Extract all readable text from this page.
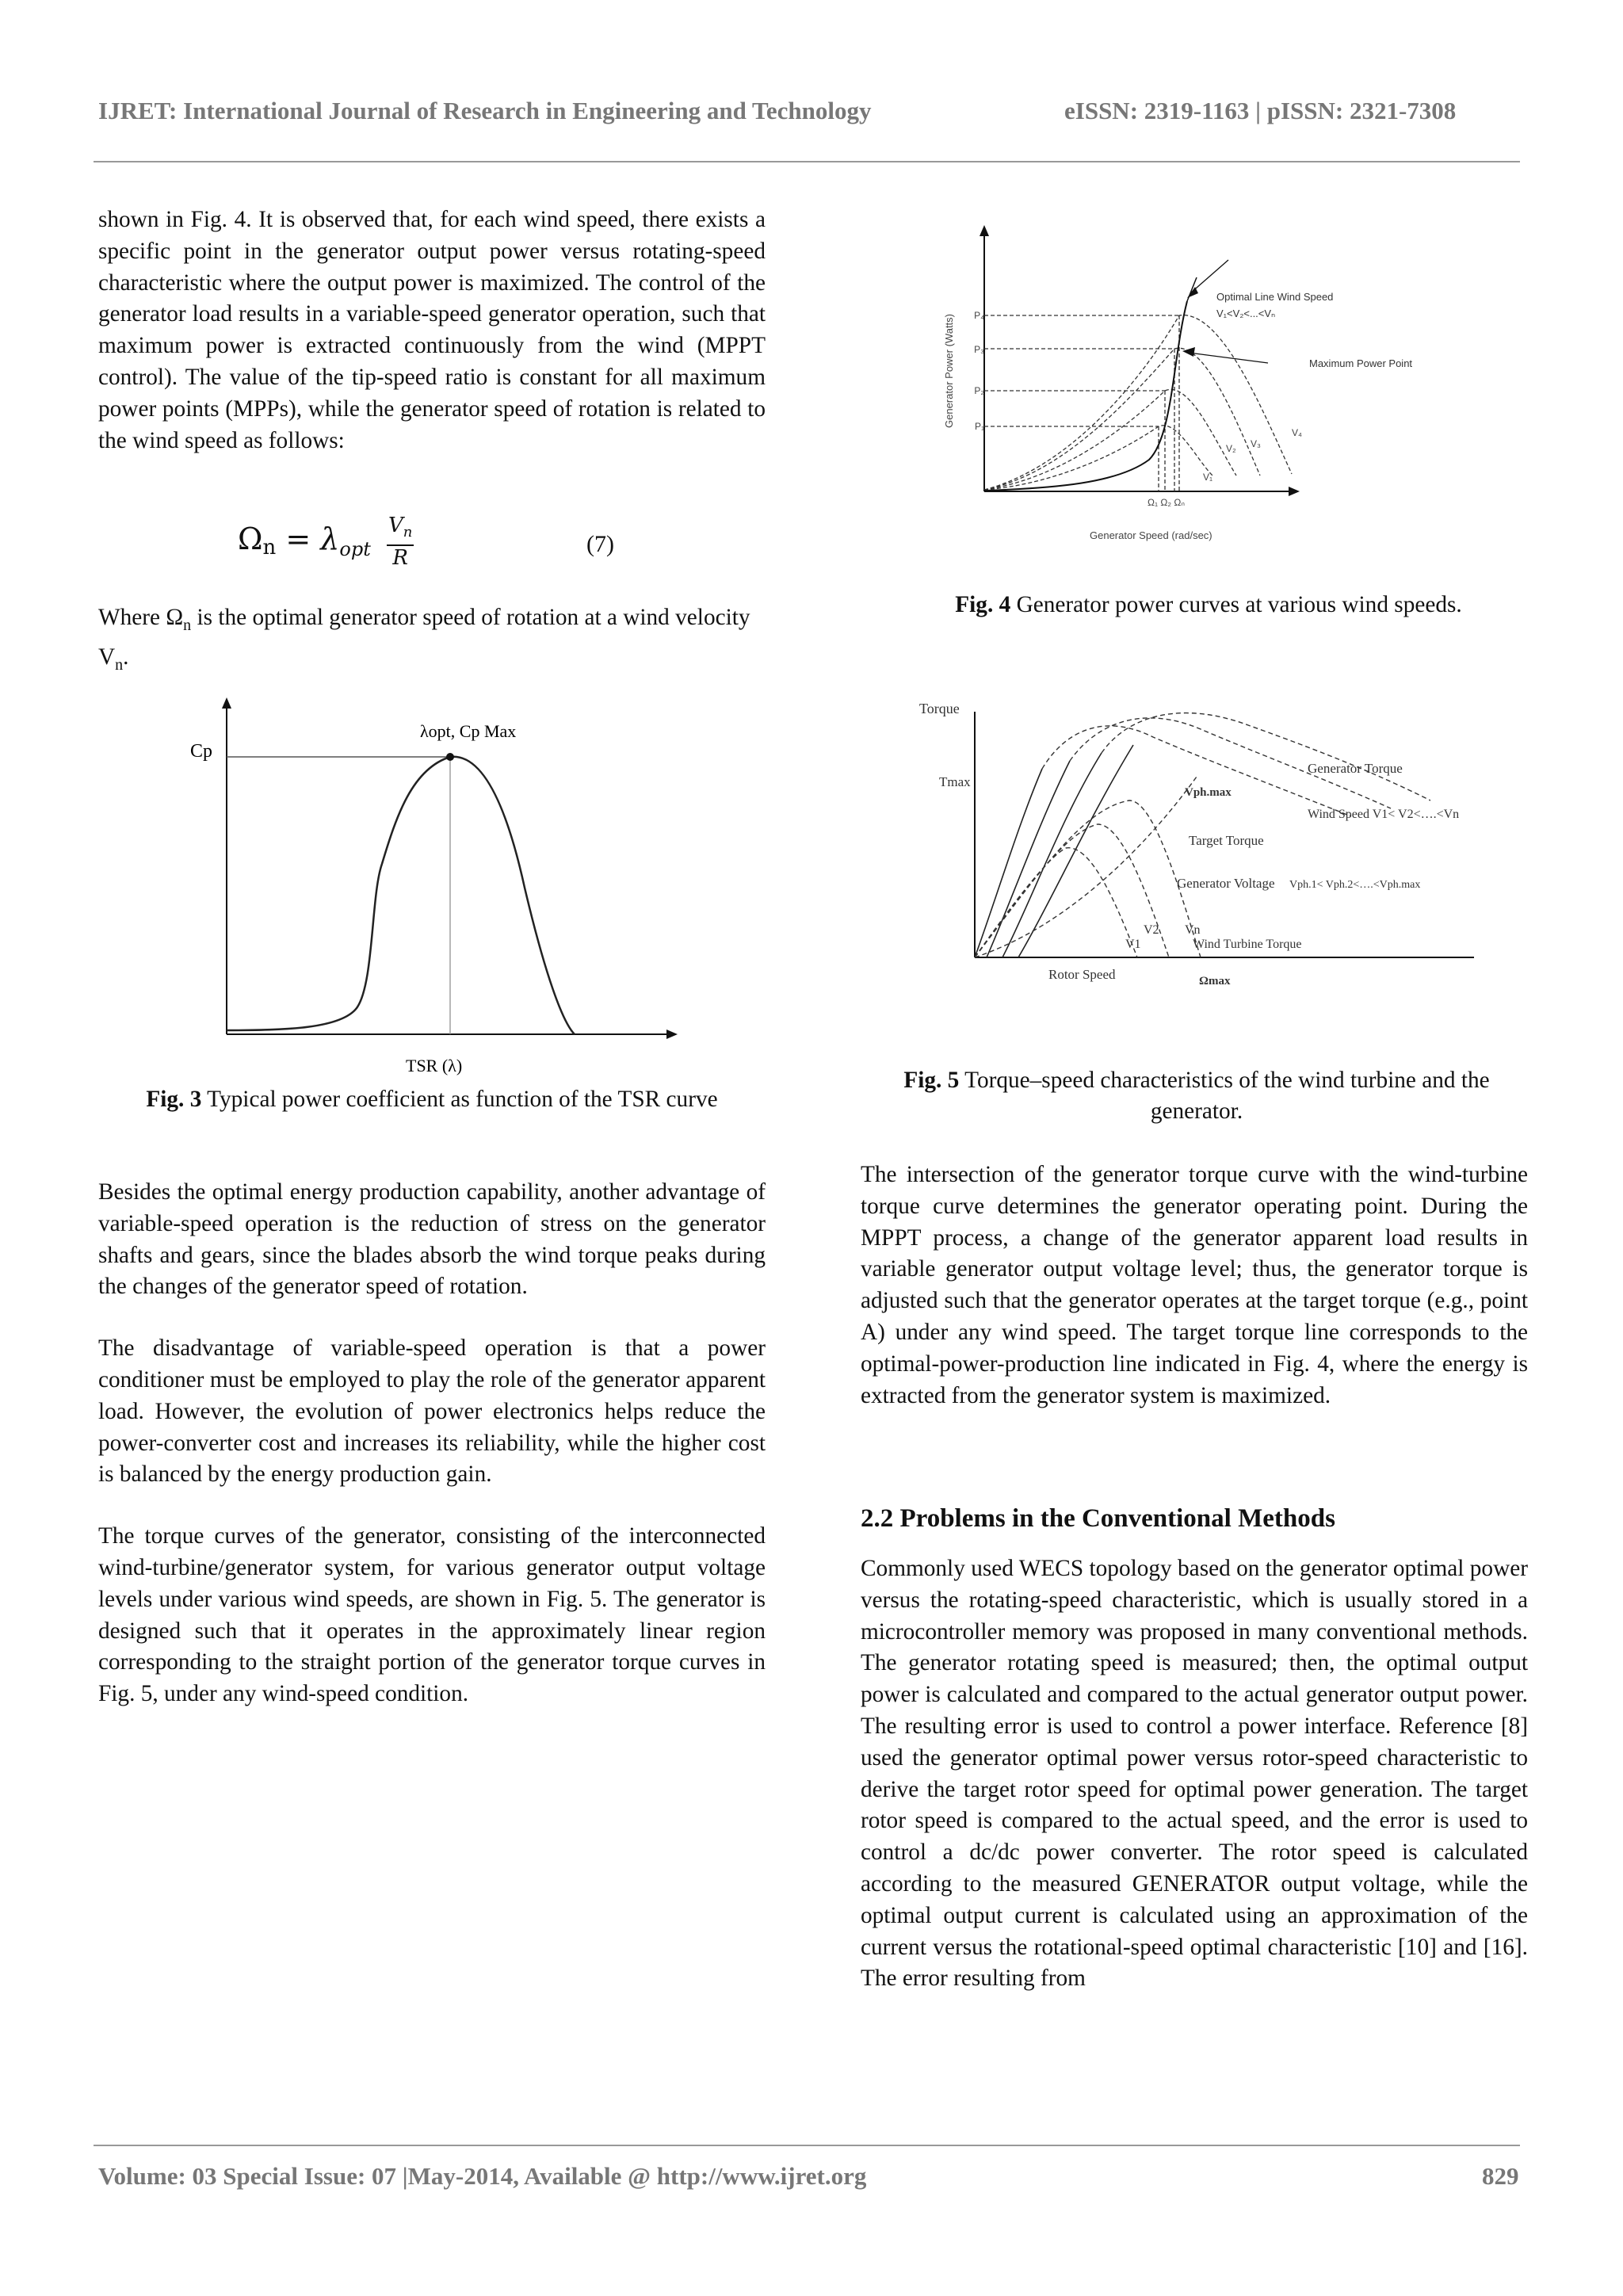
IJRET: International Journal of Research in Engineering and Technology	eISSN: 2319-1163 | pISSN: 2321-7308

shown in Fig. 4. It is observed that, for each wind speed, there exists a specific point in the generator output power versus rotating-speed characteristic where the output power is maximized. The control of the generator load results in a variable-speed generator operation, such that maximum power is extracted continuously from the wind (MPPT control). The value of the tip-speed ratio is constant for all maximum power points (MPPs), while the generator speed of rotation is related to the wind speed as follows:

$\Omega n = \lambda_{opt} \frac{V_n}{R}$	(7)

Where $\Omega_n$ is the optimal generator speed of rotation at a wind velocity $V_n$.

Cp
λopt, Cp Max
TSR (λ)
Fig. 3 Typical power coefficient as function of the TSR curve

Besides the optimal energy production capability, another advantage of variable-speed operation is the reduction of stress on the generator shafts and gears, since the blades absorb the wind torque peaks during the changes of the generator speed of rotation.

The disadvantage of variable-speed operation is that a power conditioner must be employed to play the role of the generator apparent load. However, the evolution of power electronics helps reduce the power-converter cost and increases its reliability, while the higher cost is balanced by the energy production gain.

The torque curves of the generator, consisting of the interconnected wind-turbine/generator system, for various generator output voltage levels under various wind speeds, are shown in Fig. 5. The generator is designed such that it operates in the approximately linear region corresponding to the straight portion of the generator torque curves in Fig. 5, under any wind-speed condition.

Generator Power (Watts) P₄
P₃
P₂
P₁
Optimal Line Wind Speed
V₁<V₂<...<Vₙ
Maximum Power Point
V₁
V₂ V₃
V₄
Ω₁ Ω₂ Ωₙ
Generator Speed (rad/sec)
Fig. 4 Generator power curves at various wind speeds.
Torque
Tmax
Generator Torque
Vph.max
Wind Speed V1< V2<….<Vn
Target Torque
Generator Voltage Vph.1< Vph.2<….<Vph.max
V2 Vn
V1	Wind Turbine Torque
Rotor Speed	Ωmax
Fig. 5 Torque–speed characteristics of the wind turbine and the generator.

The intersection of the generator torque curve with the wind-turbine torque curve determines the generator operating point. During the MPPT process, a change of the generator apparent load results in variable generator output voltage level; thus, the generator torque is adjusted such that the generator operates at the target torque (e.g., point A) under any wind speed. The target torque line corresponds to the optimal-power-production line indicated in Fig. 4, where the energy is extracted from the generator system is maximized.

2.2 Problems in the Conventional Methods

Commonly used WECS topology based on the generator optimal power versus the rotating-speed characteristic, which is usually stored in a microcontroller memory was proposed in many conventional methods. The generator rotating speed is measured; then, the optimal output power is calculated and compared to the actual generator output power. The resulting error is used to control a power interface. Reference [8] used the generator optimal power versus rotor-speed characteristic to derive the target rotor speed for optimal power generation. The target rotor speed is compared to the actual speed, and the error is used to control a dc/dc power converter. The rotor speed is calculated according to the measured GENERATOR output voltage, while the optimal output current is calculated using an approximation of the current versus the rotational-speed optimal characteristic [10] and [16]. The error resulting from

Volume: 03 Special Issue: 07 |May-2014, Available @ http://www.ijret.org	829
